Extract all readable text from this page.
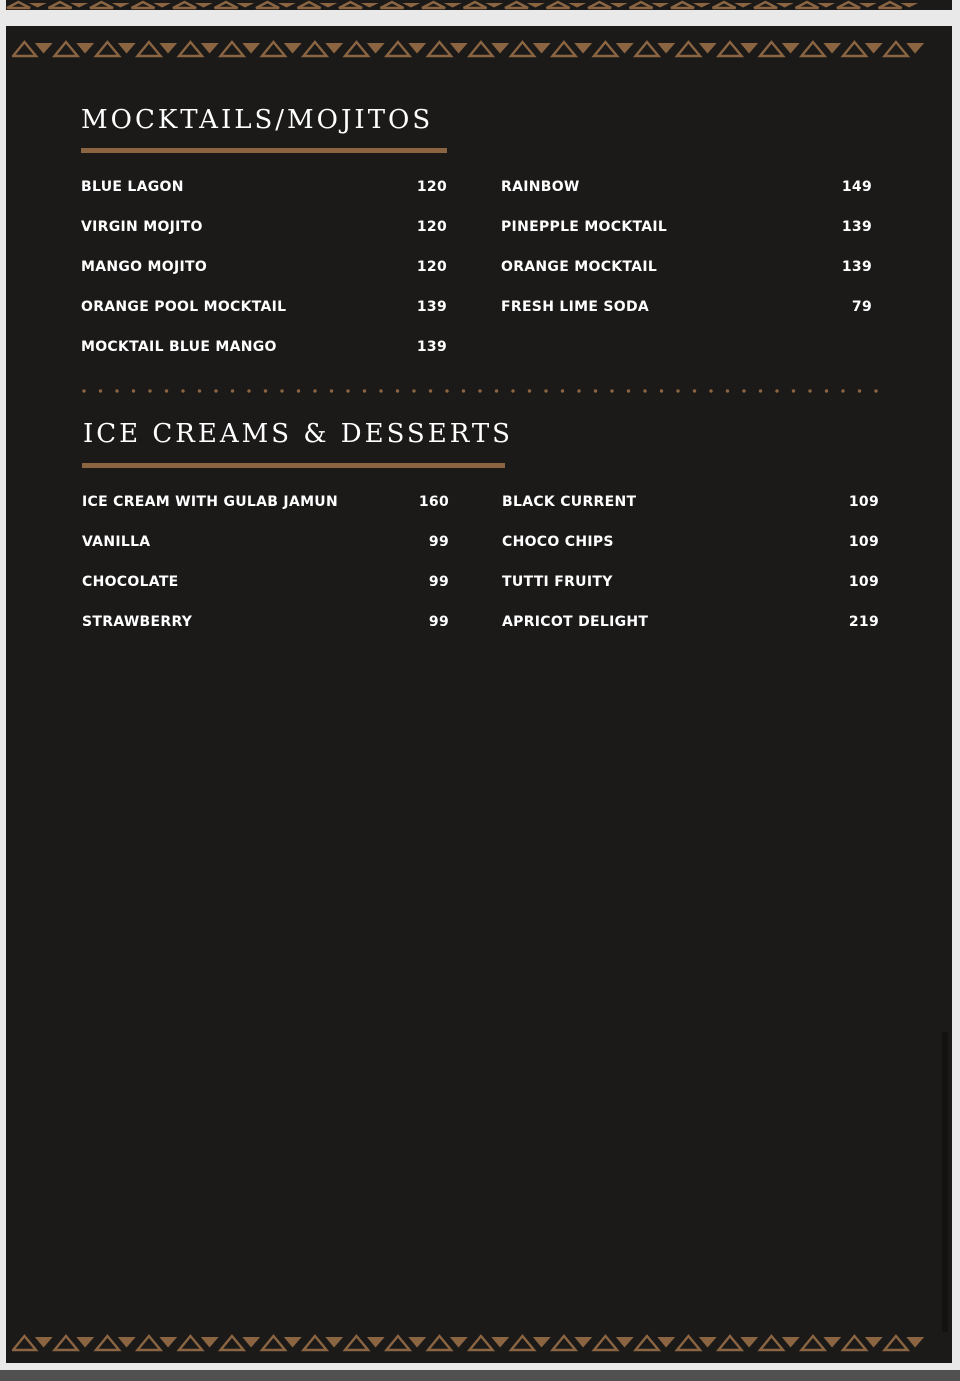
MOCKTAILS/MOJITOS
BLUE LAGON	120
VIRGIN MOJITO	120
MANGO MOJITO	120
ORANGE POOL MOCKTAIL	139
MOCKTAIL BLUE MANGO	139
RAINBOW	149
PINEPPLE MOCKTAIL	139
ORANGE MOCKTAIL	139
FRESH LIME SODA	79
ICE CREAMS & DESSERTS
ICE CREAM WITH GULAB JAMUN	160
VANILLA	99
CHOCOLATE	99
STRAWBERRY	99
BLACK CURRENT	109
CHOCO CHIPS	109
TUTTI FRUITY	109
APRICOT DELIGHT	219
